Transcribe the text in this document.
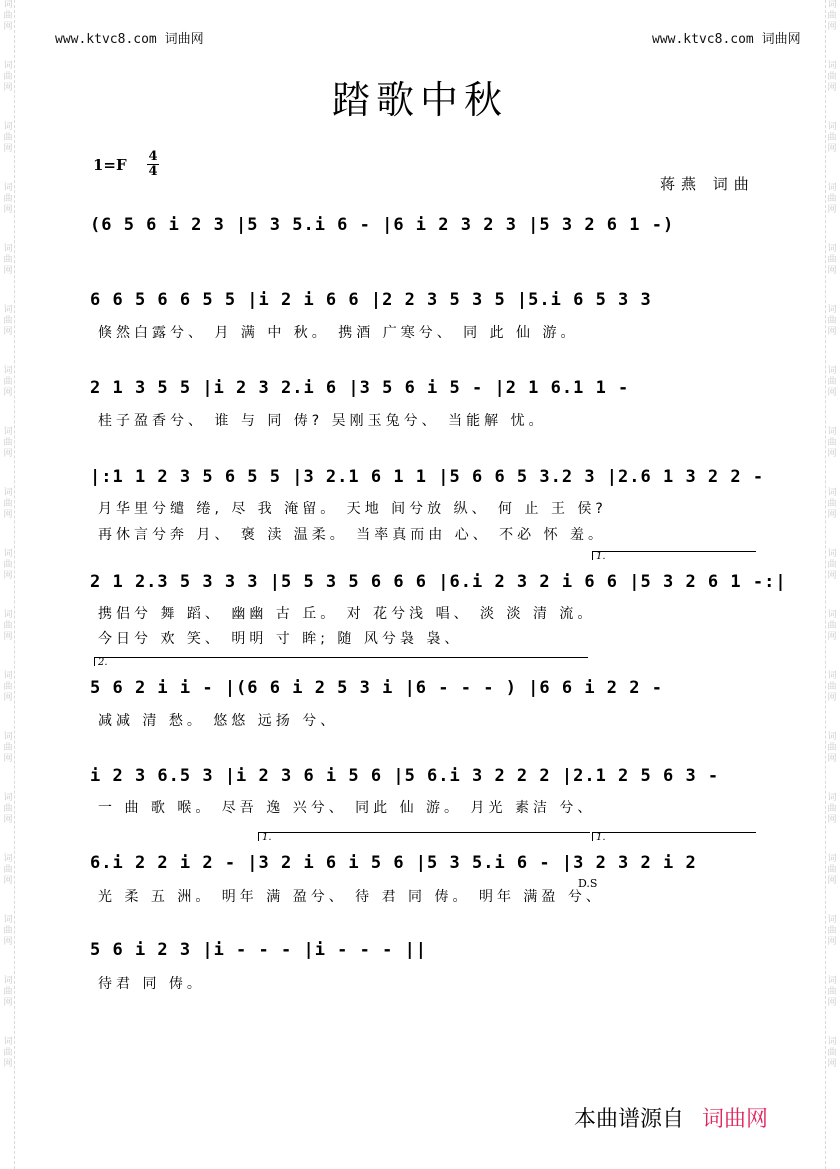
词
曲
网
词
曲
网
词
曲
网
词
曲
网
词
曲
网
词
曲
网
词
曲
网
词
曲
网
词
曲
网
词
曲
网
词
曲
网
词
曲
网
词
曲
网
词
曲
网
词
曲
网
词
曲
网
词
曲
网
词
曲
网
词
曲
网
词
曲
网
词
曲
网
词
曲
网
词
曲
网
词
曲
网
词
曲
网
词
曲
网
词
曲
网
词
曲
网
词
曲
网
词
曲
网
词
曲
网
词
曲
网
词
曲
网
词
曲
网
词
曲
网
词
曲
网
www.ktvc8.com 词曲网	www.ktvc8.com 词曲网
踏歌中秋
1=F 4
4
蒋燕 词曲
(6 5 6 i 2 3 |5 3 5.i 6 - |6 i 2 3 2 3 |5 3 2 6 1 -)
6 6 5 6 6 5 5 |i 2 i 6 6 |2 2 3 5 3 5 |5.i 6 5 3 3
倏然白露兮、 月 满 中 秋。 携酒 广寒兮、 同 此 仙 游。
2 1 3 5 5 |i 2 3 2.i 6 |3 5 6 i 5 - |2 1 6.1 1 -
桂子盈香兮、 谁 与 同 俦? 吴刚玉兔兮、 当能解 忧。
|:1 1 2 3 5 6 5 5 |3 2.1 6 1 1 |5 6 6 5 3.2 3 |2.6 1 3 2 2 -
月华里兮缱 绻, 尽 我 淹留。 天地 间兮放 纵、 何 止 王 侯?
再休言兮奔 月、 褒 渎 温柔。 当率真而由 心、 不必 怀 羞。
1.
2 1 2.3 5 3 3 3 |5 5 3 5 6 6 6 |6.i 2 3 2 i 6 6 |5 3 2 6 1 -:|
携侣兮 舞 蹈、 幽幽 古 丘。 对 花兮浅 唱、 淡 淡 清 流。
今日兮 欢 笑、 明明 寸 眸; 随 风兮袅 袅、
2.
5 6 2 i i - |(6 6 i 2 5 3 i |6 - - - ) |6 6 i 2 2 -
减减 清 愁。 悠悠 远扬 兮、
i 2 3 6.5 3 |i 2 3 6 i 5 6 |5 6.i 3 2 2 2 |2.1 2 5 6 3 -
一 曲 歌 喉。 尽吾 逸 兴兮、 同此 仙 游。 月光 素洁 兮、
1.	1.
6.i 2 2 i 2 - |3 2 i 6 i 5 6 |5 3 5.i 6 - |3 2 3 2 i 2
D.S
光 柔 五 洲。 明年 满 盈兮、 待 君 同 俦。 明年 满盈 兮、
5 6 i 2 3 |i - - - |i - - - ||
待君 同 俦。
本曲谱源自 词曲网
